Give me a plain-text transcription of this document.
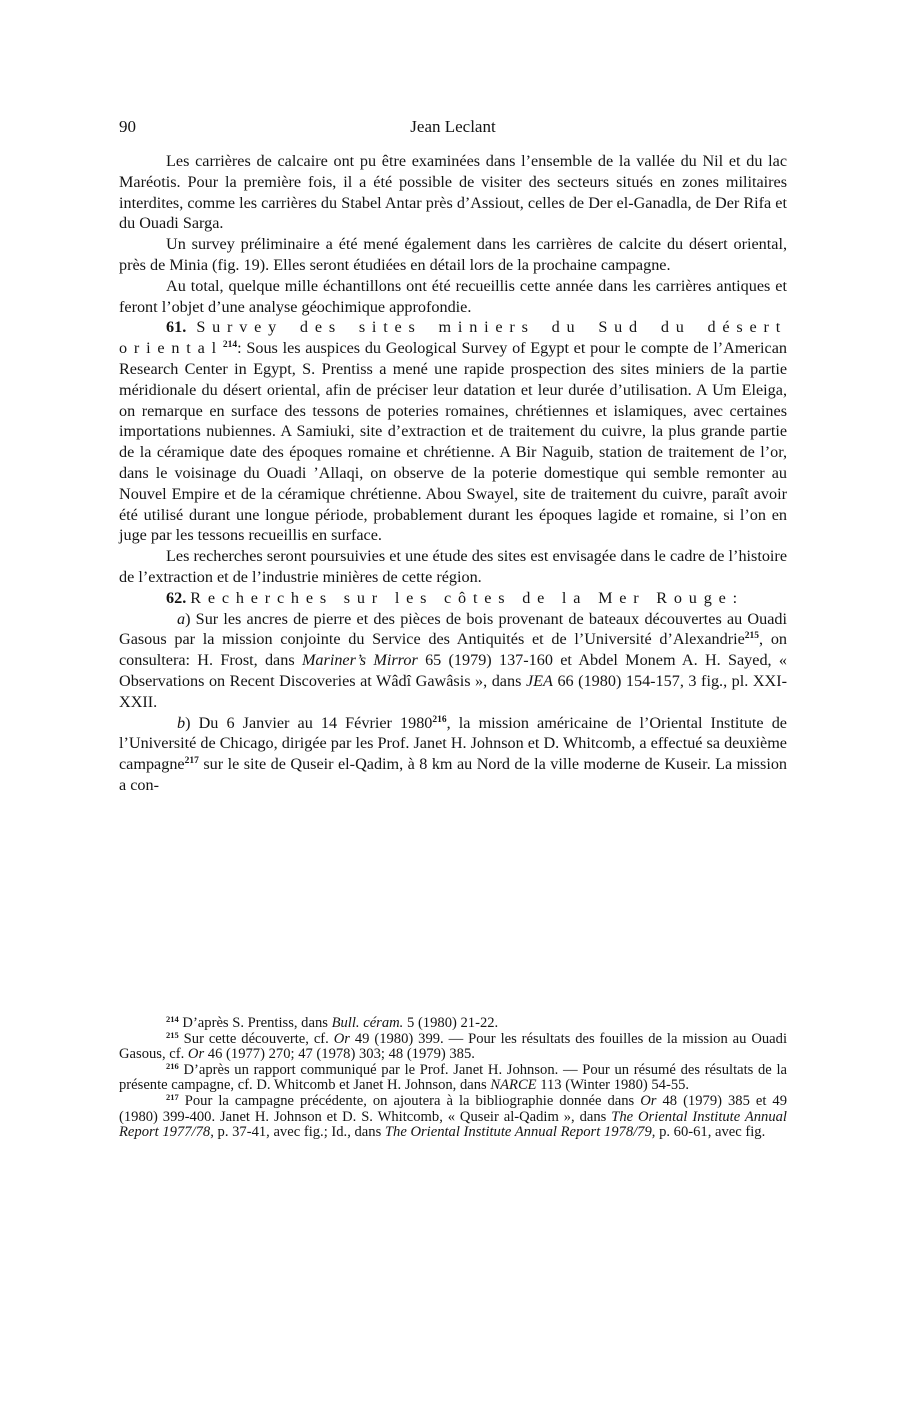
90	Jean Leclant

Les carrières de calcaire ont pu être examinées dans l’ensemble de la vallée du Nil et du lac Maréotis. Pour la première fois, il a été possible de visiter des secteurs situés en zones militaires interdites, comme les carrières du Stabel Antar près d’Assiout, celles de Der el-Ganadla, de Der Rifa et du Ouadi Sarga.

Un survey préliminaire a été mené également dans les carrières de calcite du désert oriental, près de Minia (fig. 19). Elles seront étudiées en détail lors de la prochaine campagne.

Au total, quelque mille échantillons ont été recueillis cette année dans les carrières antiques et feront l’objet d’une analyse géochimique approfondie.

61. Survey des sites miniers du Sud du désert oriental$^{214}$: Sous les auspices du Geological Survey of Egypt et pour le compte de l’American Research Center in Egypt, S. Prentiss a mené une rapide prospection des sites miniers de la partie méridionale du désert oriental, afin de préciser leur datation et leur durée d’utilisation. A Um Eleiga, on remarque en surface des tessons de poteries romaines, chrétiennes et islamiques, avec certaines importations nubiennes. A Samiuki, site d’extraction et de traitement du cuivre, la plus grande partie de la céramique date des époques romaine et chrétienne. A Bir Naguib, station de traitement de l’or, dans le voisinage du Ouadi ’Allaqi, on observe de la poterie domestique qui semble remonter au Nouvel Empire et de la céramique chrétienne. Abou Swayel, site de traitement du cuivre, paraît avoir été utilisé durant une longue période, probablement durant les époques lagide et romaine, si l’on en juge par les tessons recueillis en surface.

Les recherches seront poursuivies et une étude des sites est envisagée dans le cadre de l’histoire de l’extraction et de l’industrie minières de cette région.

62. Recherches sur les côtes de la Mer Rouge:

a) Sur les ancres de pierre et des pièces de bois provenant de bateaux découvertes au Ouadi Gasous par la mission conjointe du Service des Antiquités et de l’Université d’Alexandrie$^{215}$, on consultera: H. Frost, dans Mariner’s Mirror 65 (1979) 137-160 et Abdel Monem A. H. Sayed, « Observations on Recent Discoveries at Wâdî Gawâsis », dans JEA 66 (1980) 154-157, 3 fig., pl. XXI-XXII.

b) Du 6 Janvier au 14 Février 1980$^{216}$, la mission américaine de l’Oriental Institute de l’Université de Chicago, dirigée par les Prof. Janet H. Johnson et D. Whitcomb, a effectué sa deuxième campagne$^{217}$ sur le site de Quseir el-Qadim, à 8 km au Nord de la ville moderne de Kuseir. La mission a con-

$^{214}$ D’après S. Prentiss, dans Bull. céram. 5 (1980) 21-22.

$^{215}$ Sur cette découverte, cf. Or 49 (1980) 399. — Pour les résultats des fouilles de la mission au Ouadi Gasous, cf. Or 46 (1977) 270; 47 (1978) 303; 48 (1979) 385.

$^{216}$ D’après un rapport communiqué par le Prof. Janet H. Johnson. — Pour un résumé des résultats de la présente campagne, cf. D. Whitcomb et Janet H. Johnson, dans NARCE 113 (Winter 1980) 54-55.

$^{217}$ Pour la campagne précédente, on ajoutera à la bibliographie donnée dans Or 48 (1979) 385 et 49 (1980) 399-400. Janet H. Johnson et D. S. Whitcomb, « Quseir al-Qadim », dans The Oriental Institute Annual Report 1977/78, p. 37-41, avec fig.; Id., dans The Oriental Institute Annual Report 1978/79, p. 60-61, avec fig.
